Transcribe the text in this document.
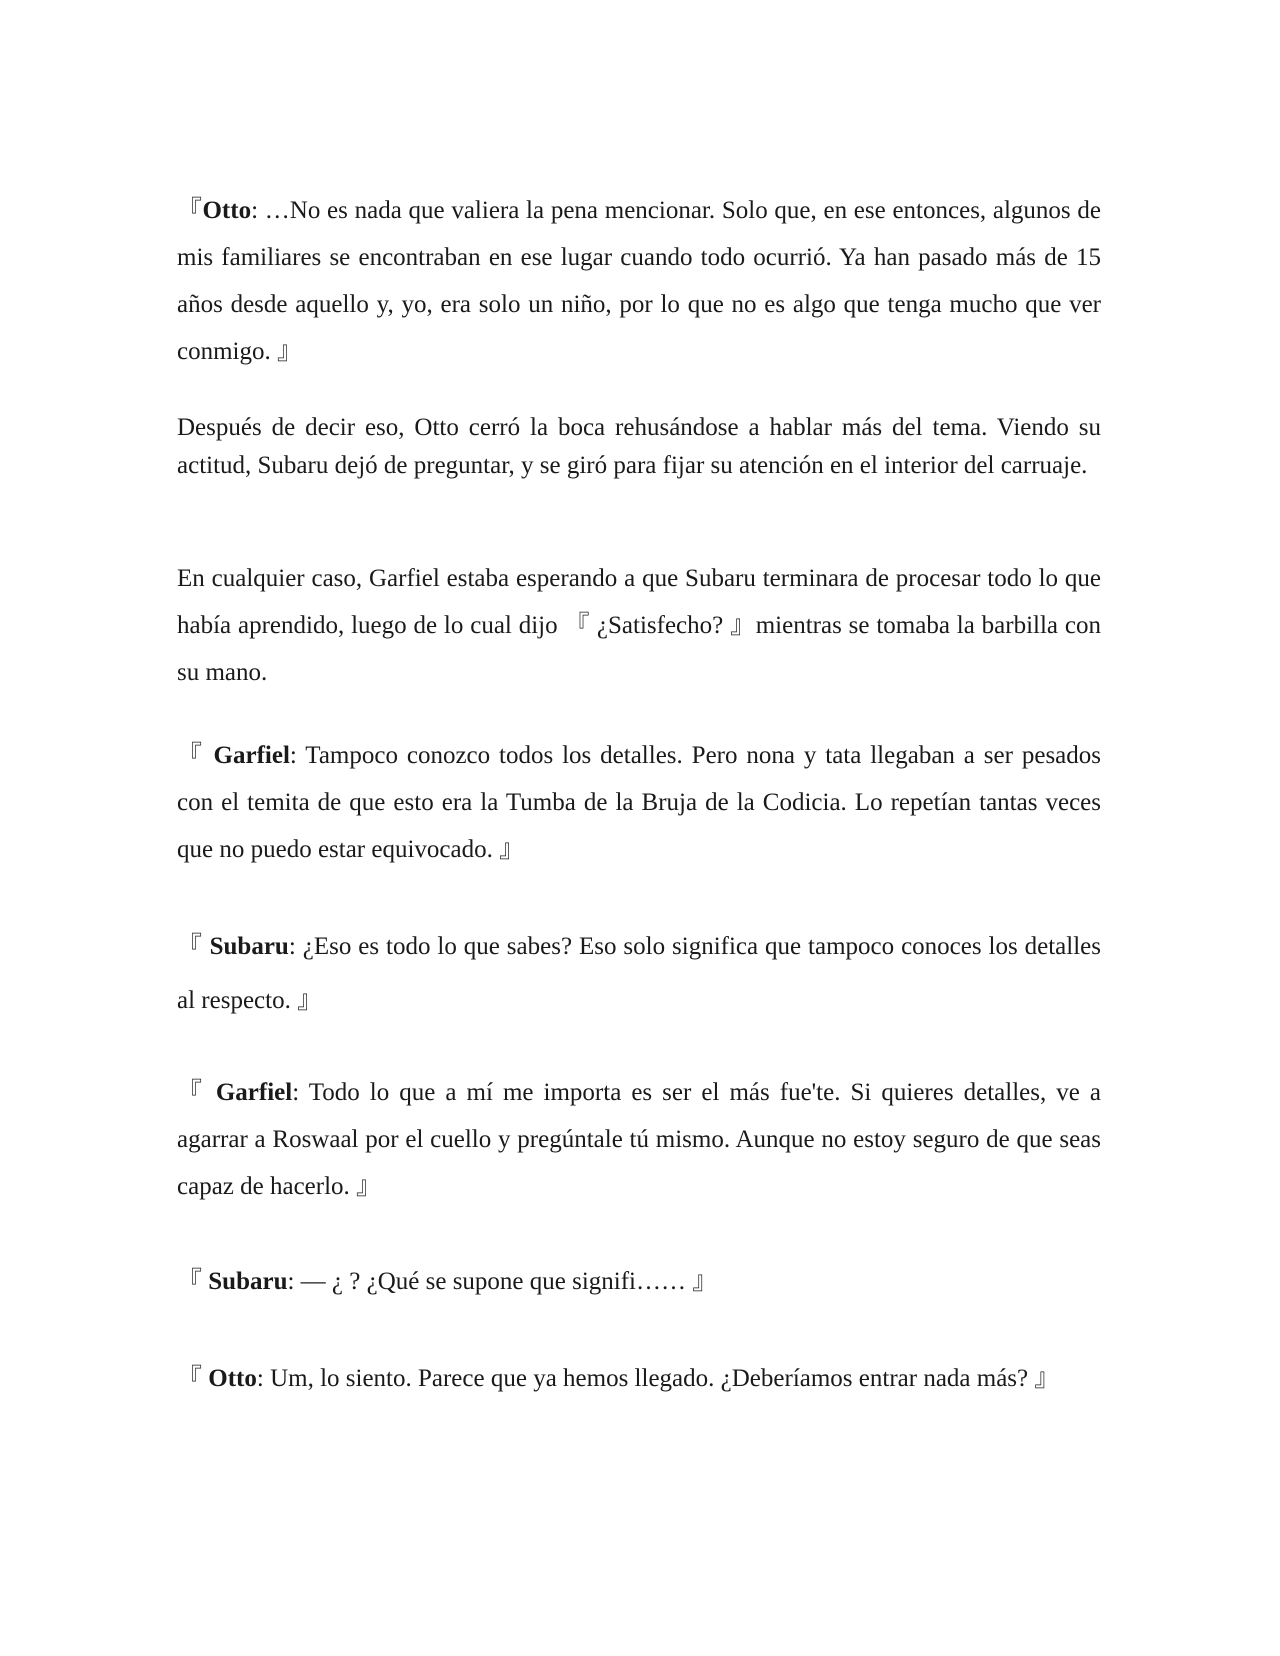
『Otto: …No es nada que valiera la pena mencionar. Solo que, en ese entonces, algunos de mis familiares se encontraban en ese lugar cuando todo ocurrió. Ya han pasado más de 15 años desde aquello y, yo, era solo un niño, por lo que no es algo que tenga mucho que ver conmigo. 』

Después de decir eso, Otto cerró la boca rehusándose a hablar más del tema. Viendo su actitud, Subaru dejó de preguntar, y se giró para fijar su atención en el interior del carruaje.

En cualquier caso, Garfiel estaba esperando a que Subaru terminara de procesar todo lo que había aprendido, luego de lo cual dijo 『 ¿Satisfecho? 』mientras se tomaba la barbilla con su mano.

『 Garfiel: Tampoco conozco todos los detalles. Pero nona y tata llegaban a ser pesados con el temita de que esto era la Tumba de la Bruja de la Codicia. Lo repetían tantas veces que no puedo estar equivocado. 』

『 Subaru: ¿Eso es todo lo que sabes? Eso solo significa que tampoco conoces los detalles al respecto. 』

『 Garfiel: Todo lo que a mí me importa es ser el más fue'te. Si quieres detalles, ve a agarrar a Roswaal por el cuello y pregúntale tú mismo. Aunque no estoy seguro de que seas capaz de hacerlo. 』

『 Subaru: — ¿ ? ¿Qué se supone que signifi…… 』

『 Otto: Um, lo siento. Parece que ya hemos llegado. ¿Deberíamos entrar nada más? 』
